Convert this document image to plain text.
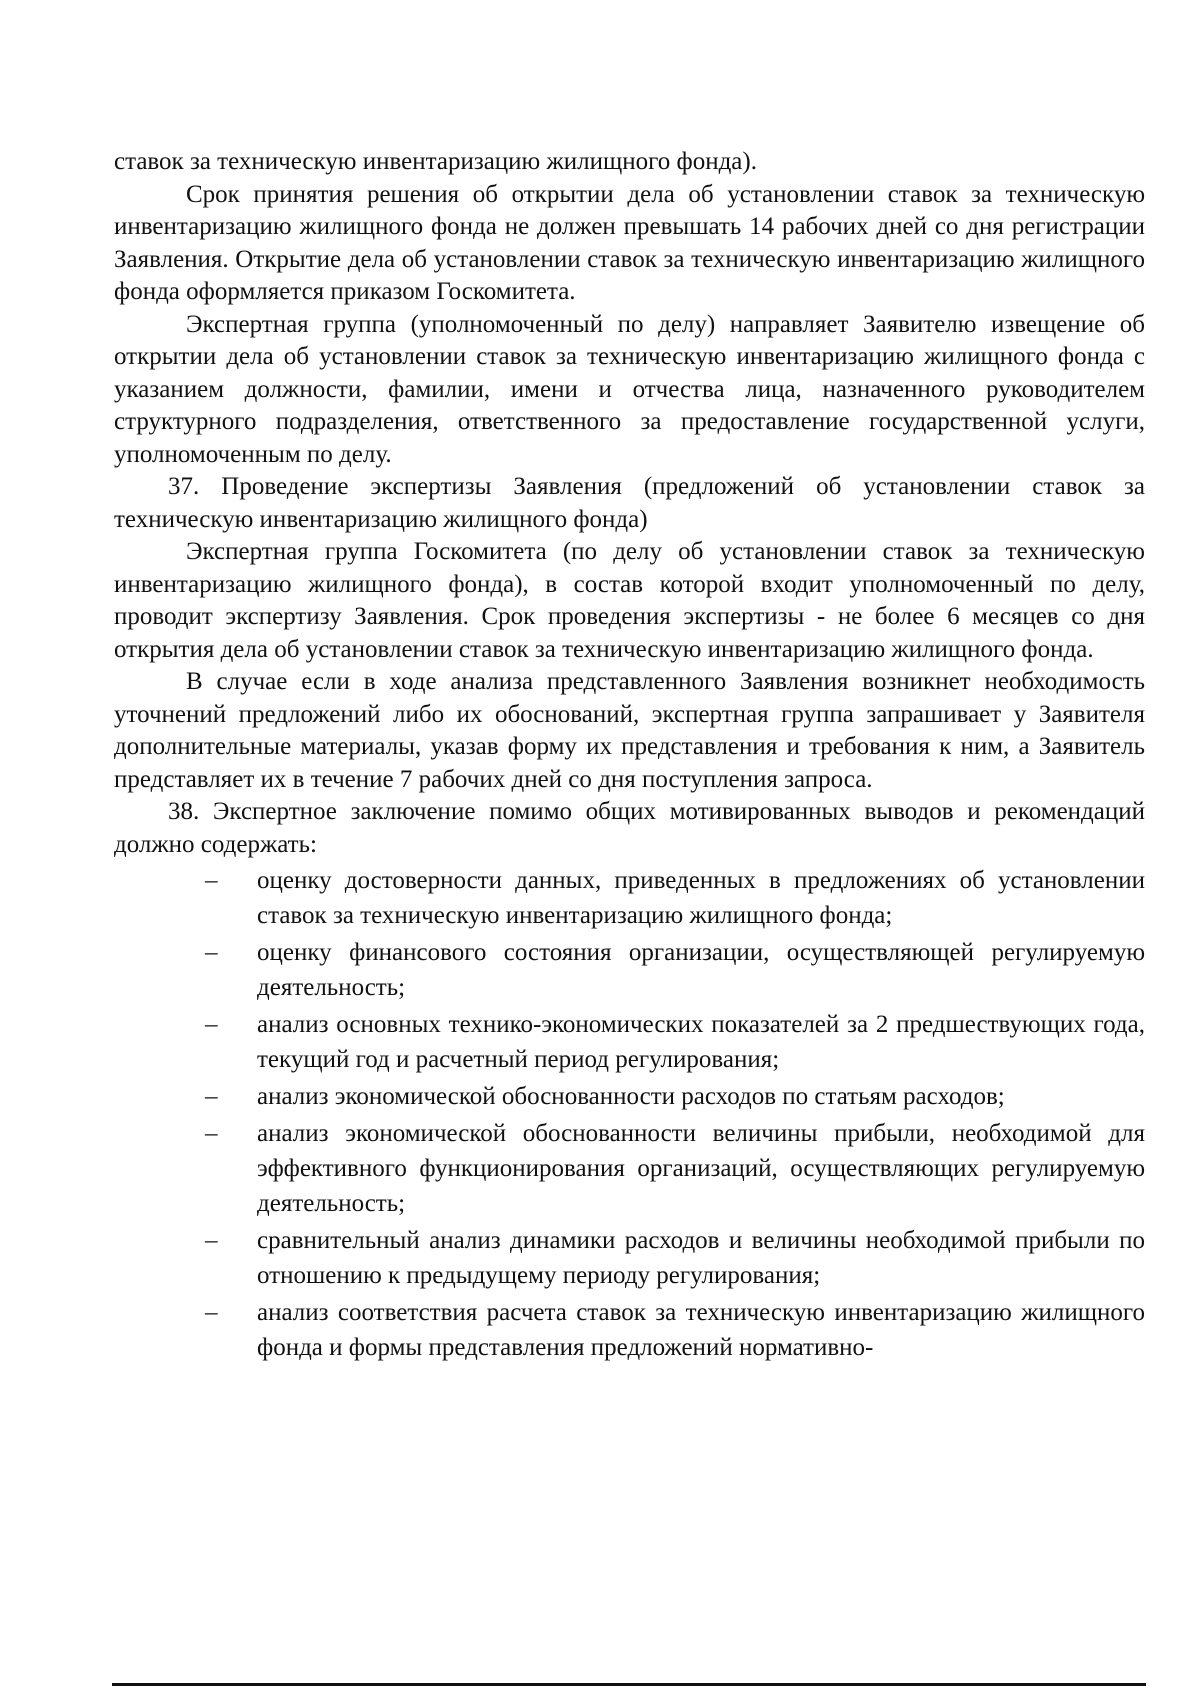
ставок за техническую инвентаризацию жилищного фонда).

Срок принятия решения об открытии дела об установлении ставок за техническую инвентаризацию жилищного фонда не должен превышать 14 рабочих дней со дня регистрации Заявления. Открытие дела об установлении ставок за техническую инвентаризацию жилищного фонда оформляется приказом Госкомитета.

Экспертная группа (уполномоченный по делу) направляет Заявителю извещение об открытии дела об установлении ставок за техническую инвентаризацию жилищного фонда с указанием должности, фамилии, имени и отчества лица, назначенного руководителем структурного подразделения, ответственного за предоставление государственной услуги, уполномоченным по делу.

37. Проведение экспертизы Заявления (предложений об установлении ставок за техническую инвентаризацию жилищного фонда)

Экспертная группа Госкомитета (по делу об установлении ставок за техническую инвентаризацию жилищного фонда), в состав которой входит уполномоченный по делу, проводит экспертизу Заявления. Срок проведения экспертизы - не более 6 месяцев со дня открытия дела об установлении ставок за техническую инвентаризацию жилищного фонда.

В случае если в ходе анализа представленного Заявления возникнет необходимость уточнений предложений либо их обоснований, экспертная группа запрашивает у Заявителя дополнительные материалы, указав форму их представления и требования к ним, а Заявитель представляет их в течение 7 рабочих дней со дня поступления запроса.

38. Экспертное заключение помимо общих мотивированных выводов и рекомендаций должно содержать:

– оценку достоверности данных, приведенных в предложениях об установлении ставок за техническую инвентаризацию жилищного фонда;
– оценку финансового состояния организации, осуществляющей регулируемую деятельность;
– анализ основных технико-экономических показателей за 2 предшествующих года, текущий год и расчетный период регулирования;
– анализ экономической обоснованности расходов по статьям расходов;
– анализ экономической обоснованности величины прибыли, необходимой для эффективного функционирования организаций, осуществляющих регулируемую деятельность;
– сравнительный анализ динамики расходов и величины необходимой прибыли по отношению к предыдущему периоду регулирования;
– анализ соответствия расчета ставок за техническую инвентаризацию жилищного фонда и формы представления предложений нормативно-
